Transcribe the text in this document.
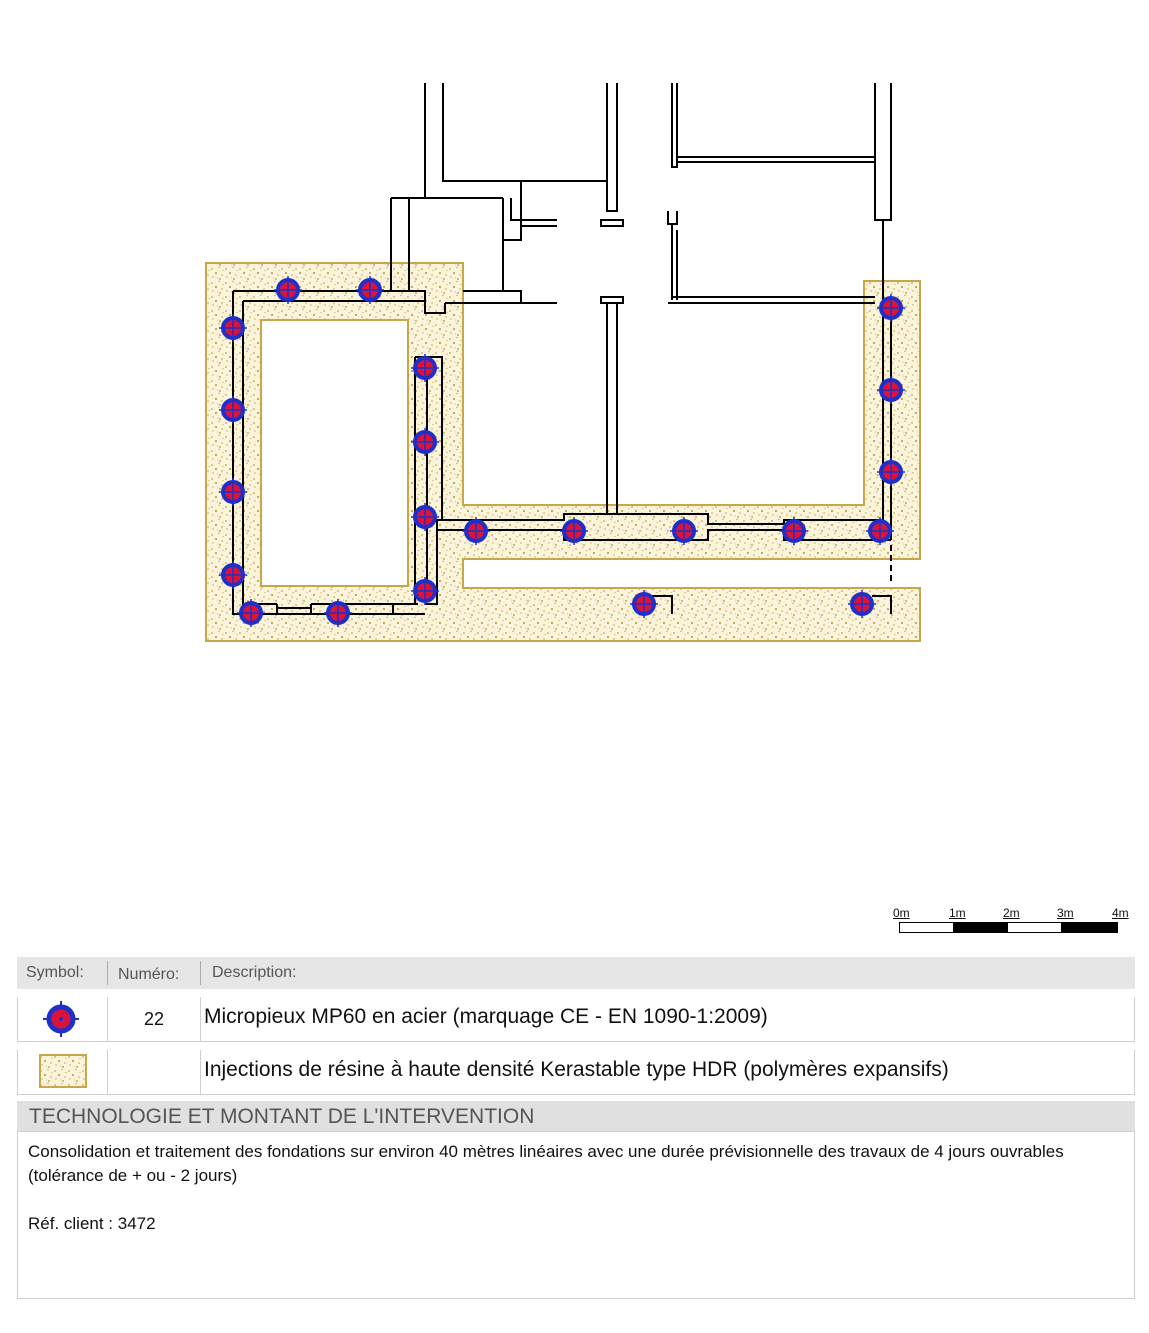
0m	1m	2m	3m	4m
Symbol: Numéro: Description:
22	Micropieux MP60 en acier (marquage CE - EN 1090-1:2009)
Injections de résine à haute densité Kerastable type HDR (polymères expansifs)
TECHNOLOGIE ET MONTANT DE L'INTERVENTION

Consolidation et traitement des fondations sur environ 40 mètres linéaires avec une durée prévisionnelle des travaux de 4 jours ouvrables (tolérance de + ou - 2 jours)

Réf. client : 3472
